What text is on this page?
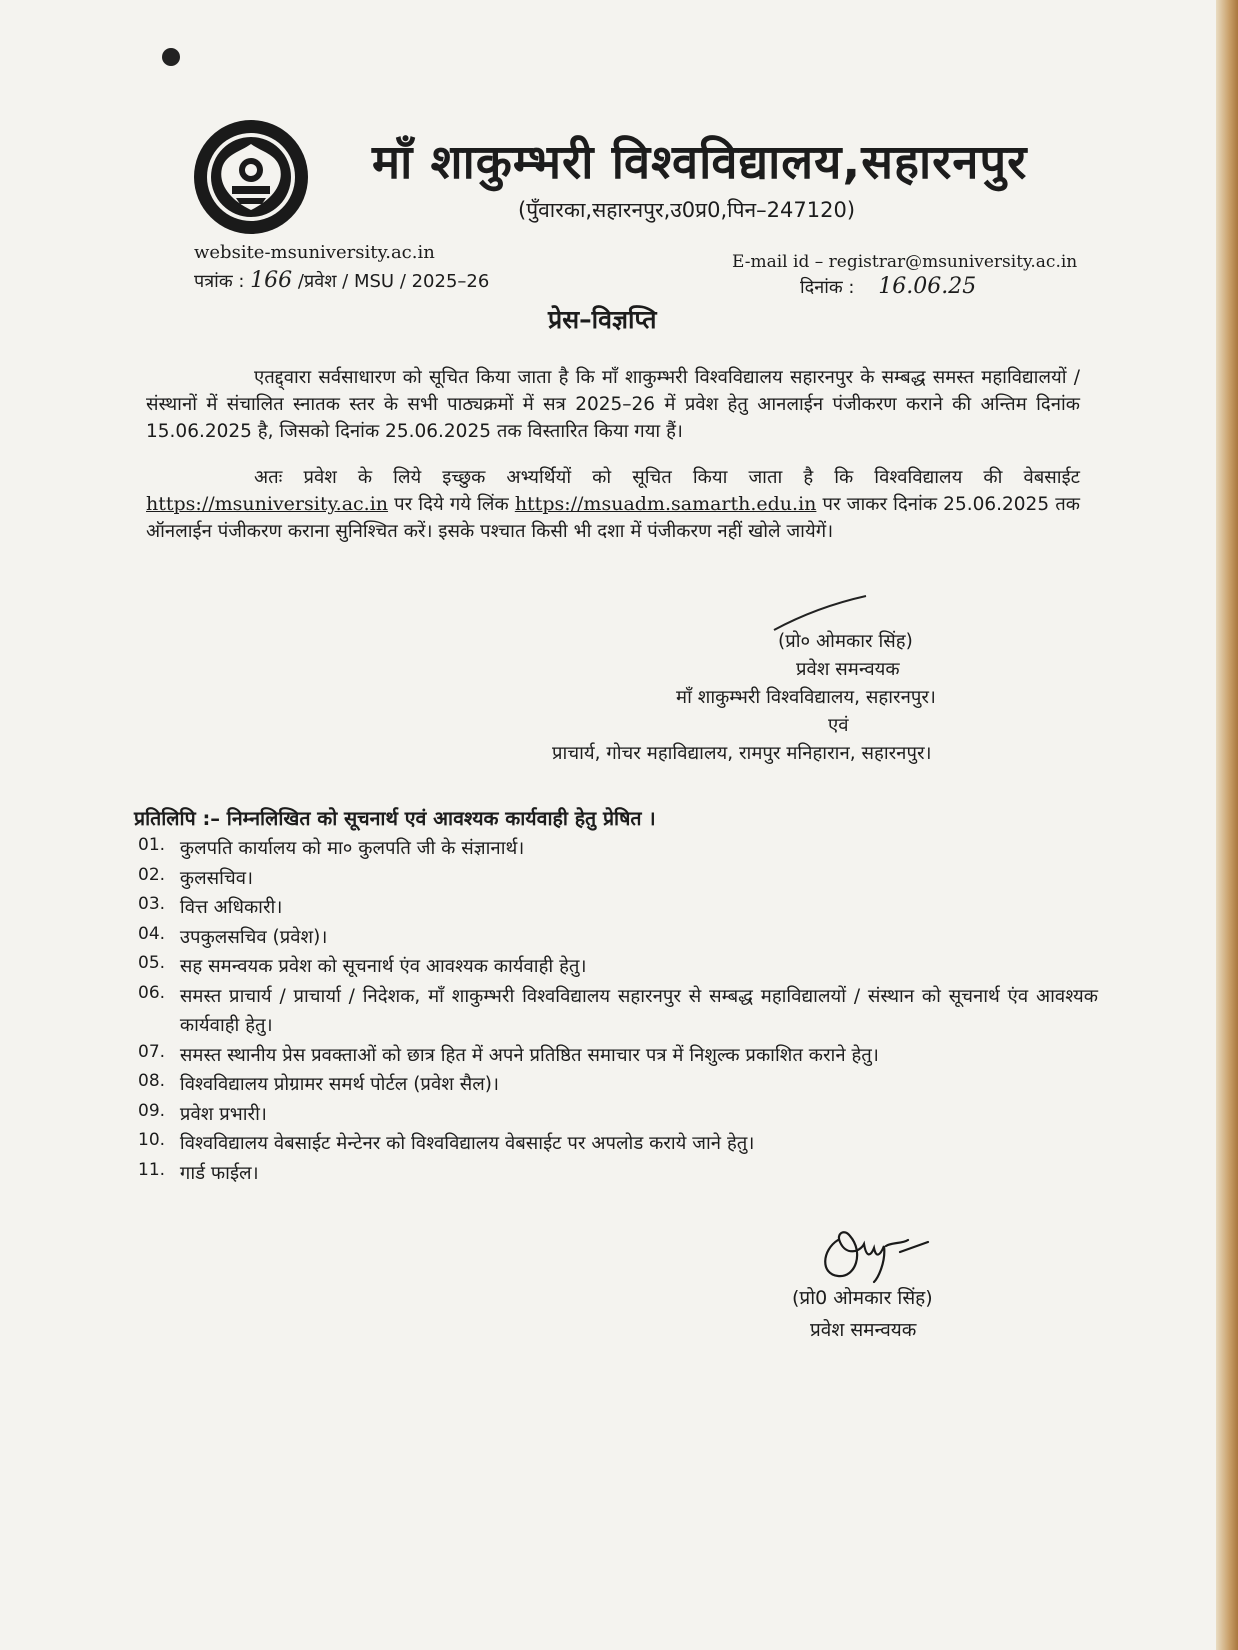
माँ शाकुम्भरी विश्वविद्यालय,सहारनपुर
(पुँवारका,सहारनपुर,उ0प्र0,पिन–247120)
website-msuniversity.ac.in	E-mail id – registrar@msuniversity.ac.in
पत्रांक : 166 /प्रवेश / MSU / 2025–26	दिनांक : 16.06.25
प्रेस–विज्ञप्ति
एतद्द्वारा सर्वसाधारण को सूचित किया जाता है कि माँ शाकुम्भरी विश्वविद्यालय सहारनपुर के सम्बद्ध समस्त महाविद्यालयों / संस्थानों में संचालित स्नातक स्तर के सभी पाठ्यक्रमों में सत्र 2025–26 में प्रवेश हेतु आनलाईन पंजीकरण कराने की अन्तिम दिनांक 15.06.2025 है, जिसको दिनांक 25.06.2025 तक विस्तारित किया गया हैं।
अतः प्रवेश के लिये इच्छुक अभ्यर्थियों को सूचित किया जाता है कि विश्वविद्यालय की वेबसाईट https://msuniversity.ac.in पर दिये गये लिंक https://msuadm.samarth.edu.in पर जाकर दिनांक 25.06.2025 तक ऑनलाईन पंजीकरण कराना सुनिश्चित करें। इसके पश्चात किसी भी दशा में पंजीकरण नहीं खोले जायेगें।
(प्रो० ओमकार सिंह)
प्रवेश समन्वयक
माँ शाकुम्भरी विश्वविद्यालय, सहारनपुर।
एवं
प्राचार्य, गोचर महाविद्यालय, रामपुर मनिहारान, सहारनपुर।
प्रतिलिपि :– निम्नलिखित को सूचनार्थ एवं आवश्यक कार्यवाही हेतु प्रेषित ।
01. कुलपति कार्यालय को मा० कुलपति जी के संज्ञानार्थ।
02. कुलसचिव।
03. वित्त अधिकारी।
04. उपकुलसचिव (प्रवेश)।
05. सह समन्वयक प्रवेश को सूचनार्थ एंव आवश्यक कार्यवाही हेतु।
06. समस्त प्राचार्य / प्राचार्या / निदेशक, माँ शाकुम्भरी विश्वविद्यालय सहारनपुर से सम्बद्ध महाविद्यालयों / संस्थान को सूचनार्थ एंव आवश्यक कार्यवाही हेतु।
07. समस्त स्थानीय प्रेस प्रवक्ताओं को छात्र हित में अपने प्रतिष्ठित समाचार पत्र में निशुल्क प्रकाशित कराने हेतु।
08. विश्वविद्यालय प्रोग्रामर समर्थ पोर्टल (प्रवेश सैल)।
09. प्रवेश प्रभारी।
10. विश्वविद्यालय वेबसाईट मेन्टेनर को विश्वविद्यालय वेबसाईट पर अपलोड कराये जाने हेतु।
11. गार्ड फाईल।
(प्रो0 ओमकार सिंह)
प्रवेश समन्वयक
